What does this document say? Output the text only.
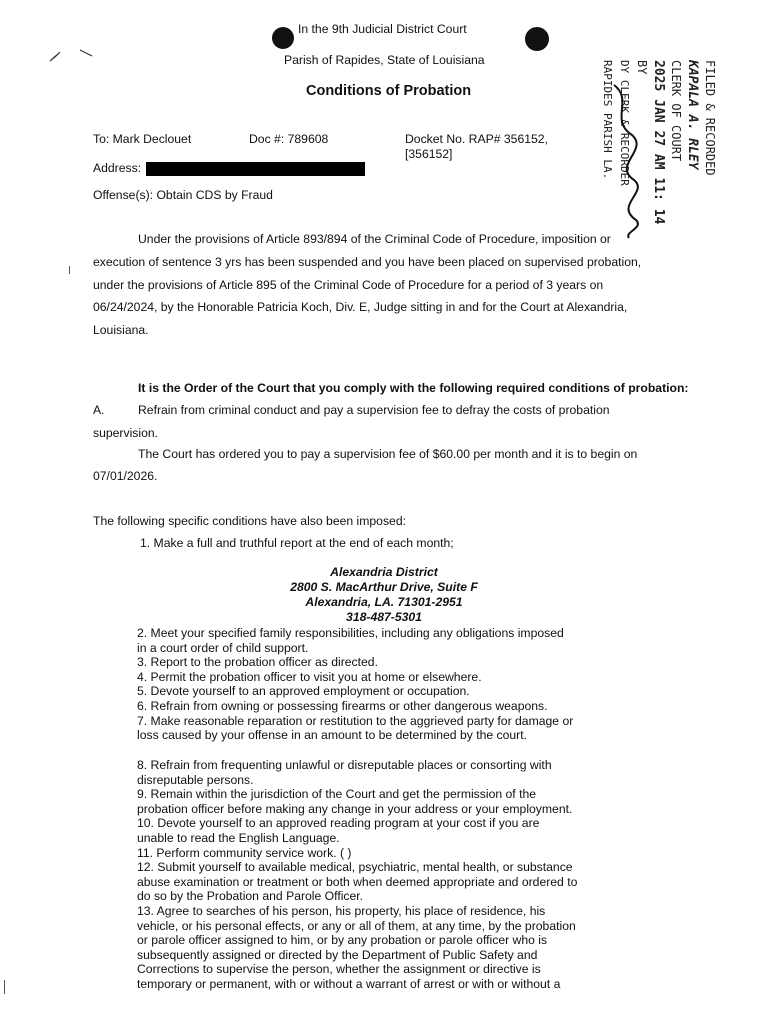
In the 9th Judicial District Court
Parish of Rapides, State of Louisiana
Conditions of Probation
To: Mark Declouet	Doc #: 789608	Docket No. RAP# 356152,
[356152]
Address:
Offense(s): Obtain CDS by Fraud
FILED & RECORDED
KAPALA A. RLEY
CLERK OF COURT
2025 JAN 27 AM 11: 14
BY
DY CLERK & RECORDER
RAPIDES PARISH LA.
Under the provisions of Article 893/894 of the Criminal Code of Procedure, imposition or
execution of sentence 3 yrs has been suspended and you have been placed on supervised probation,
under the provisions of Article 895 of the Criminal Code of Procedure for a period of 3 years on
06/24/2024, by the Honorable Patricia Koch, Div. E, Judge sitting in and for the Court at Alexandria,
Louisiana.
It is the Order of the Court that you comply with the following required conditions of probation:
A.	Refrain from criminal conduct and pay a supervision fee to defray the costs of probation
supervision.
The Court has ordered you to pay a supervision fee of $60.00 per month and it is to begin on
07/01/2026.
The following specific conditions have also been imposed:
1. Make a full and truthful report at the end of each month;
Alexandria District
2800 S. MacArthur Drive, Suite F
Alexandria, LA. 71301-2951
318-487-5301
2. Meet your specified family responsibilities, including any obligations imposed
in a court order of child support.
3. Report to the probation officer as directed.
4. Permit the probation officer to visit you at home or elsewhere.
5. Devote yourself to an approved employment or occupation.
6. Refrain from owning or possessing firearms or other dangerous weapons.
7. Make reasonable reparation or restitution to the aggrieved party for damage or
loss caused by your offense in an amount to be determined by the court.
8. Refrain from frequenting unlawful or disreputable places or consorting with
disreputable persons.
9. Remain within the jurisdiction of the Court and get the permission of the
probation officer before making any change in your address or your employment.
10. Devote yourself to an approved reading program at your cost if you are
unable to read the English Language.
11. Perform community service work. ( )
12. Submit yourself to available medical, psychiatric, mental health, or substance
abuse examination or treatment or both when deemed appropriate and ordered to
do so by the Probation and Parole Officer.
13. Agree to searches of his person, his property, his place of residence, his
vehicle, or his personal effects, or any or all of them, at any time, by the probation
or parole officer assigned to him, or by any probation or parole officer who is
subsequently assigned or directed by the Department of Public Safety and
Corrections to supervise the person, whether the assignment or directive is
temporary or permanent, with or without a warrant of arrest or with or without a
